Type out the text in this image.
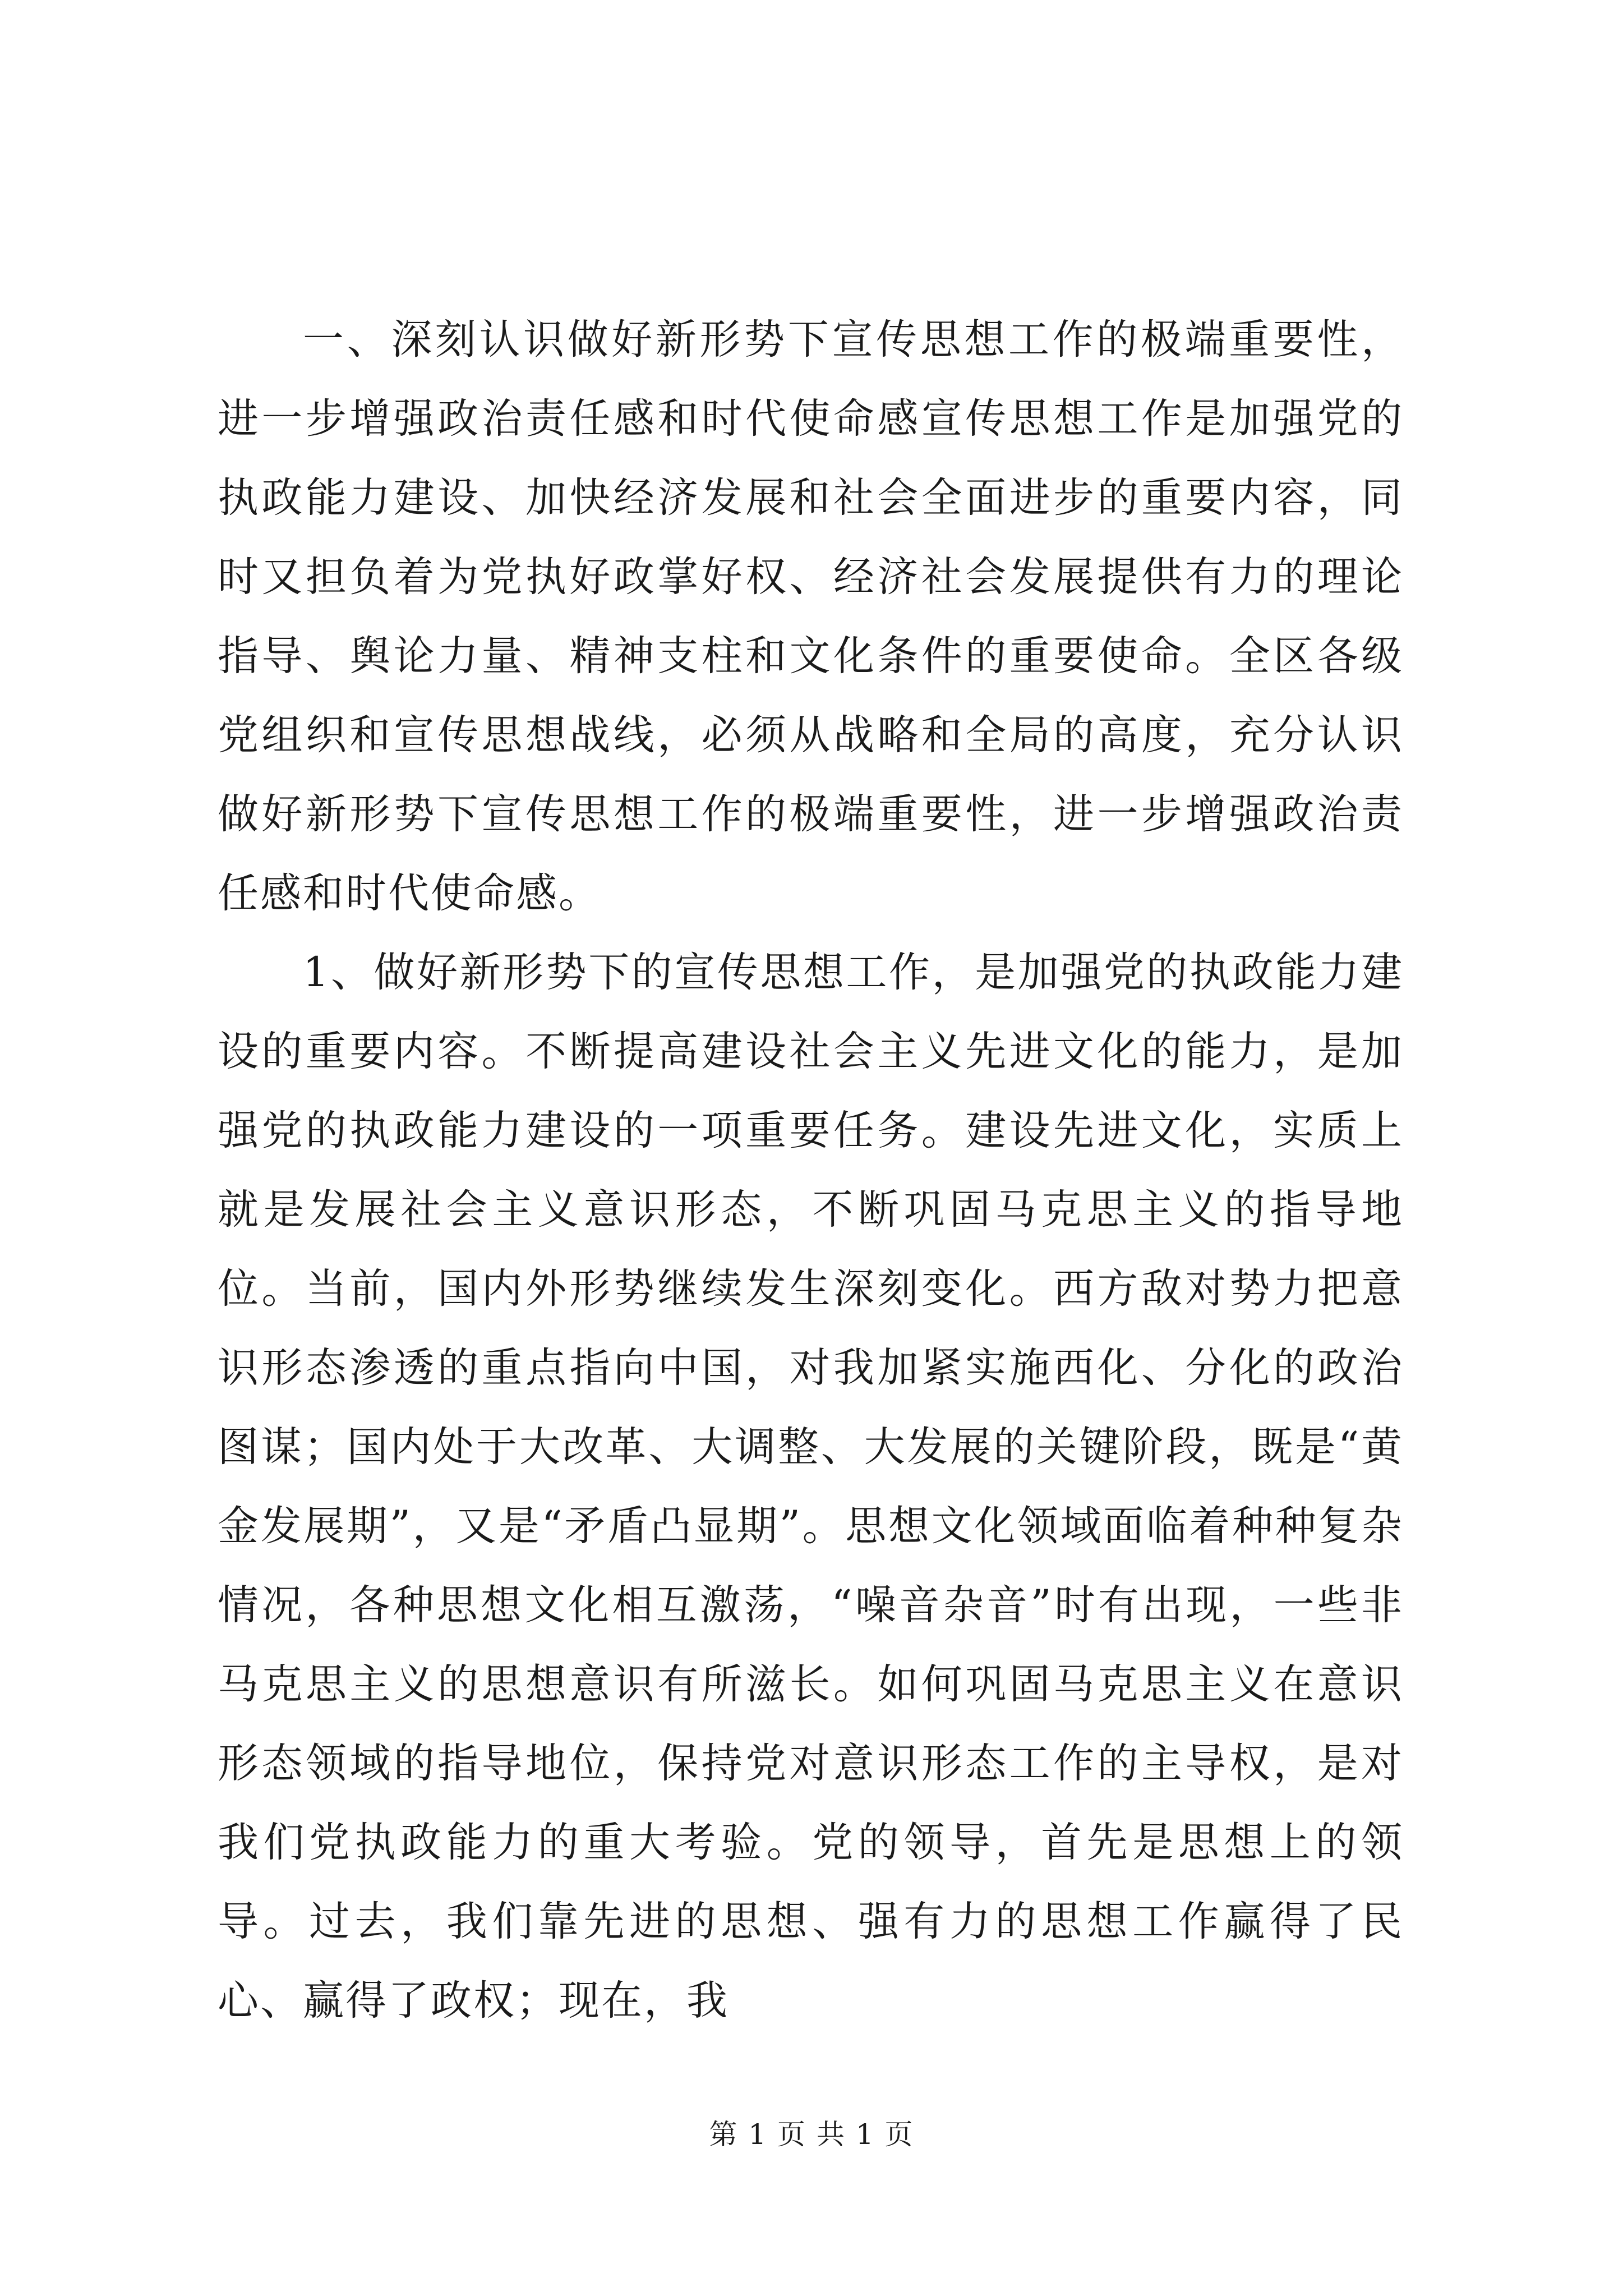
一、深刻认识做好新形势下宣传思想工作的极端重要性，进一步增强政治责任感和时代使命感宣传思想工作是加强党的执政能力建设、加快经济发展和社会全面进步的重要内容，同时又担负着为党执好政掌好权、经济社会发展提供有力的理论指导、舆论力量、精神支柱和文化条件的重要使命。全区各级党组织和宣传思想战线，必须从战略和全局的高度，充分认识做好新形势下宣传思想工作的极端重要性，进一步增强政治责任感和时代使命感。

1、做好新形势下的宣传思想工作，是加强党的执政能力建设的重要内容。不断提高建设社会主义先进文化的能力，是加强党的执政能力建设的一项重要任务。建设先进文化，实质上就是发展社会主义意识形态，不断巩固马克思主义的指导地位。当前，国内外形势继续发生深刻变化。西方敌对势力把意识形态渗透的重点指向中国，对我加紧实施西化、分化的政治图谋；国内处于大改革、大调整、大发展的关键阶段，既是“黄金发展期”，又是“矛盾凸显期”。思想文化领域面临着种种复杂情况，各种思想文化相互激荡，“噪音杂音”时有出现，一些非马克思主义的思想意识有所滋长。如何巩固马克思主义在意识形态领域的指导地位，保持党对意识形态工作的主导权，是对我们党执政能力的重大考验。党的领导，首先是思想上的领导。过去，我们靠先进的思想、强有力的思想工作赢得了民心、赢得了政权；现在，我

第 1 页 共 1 页
